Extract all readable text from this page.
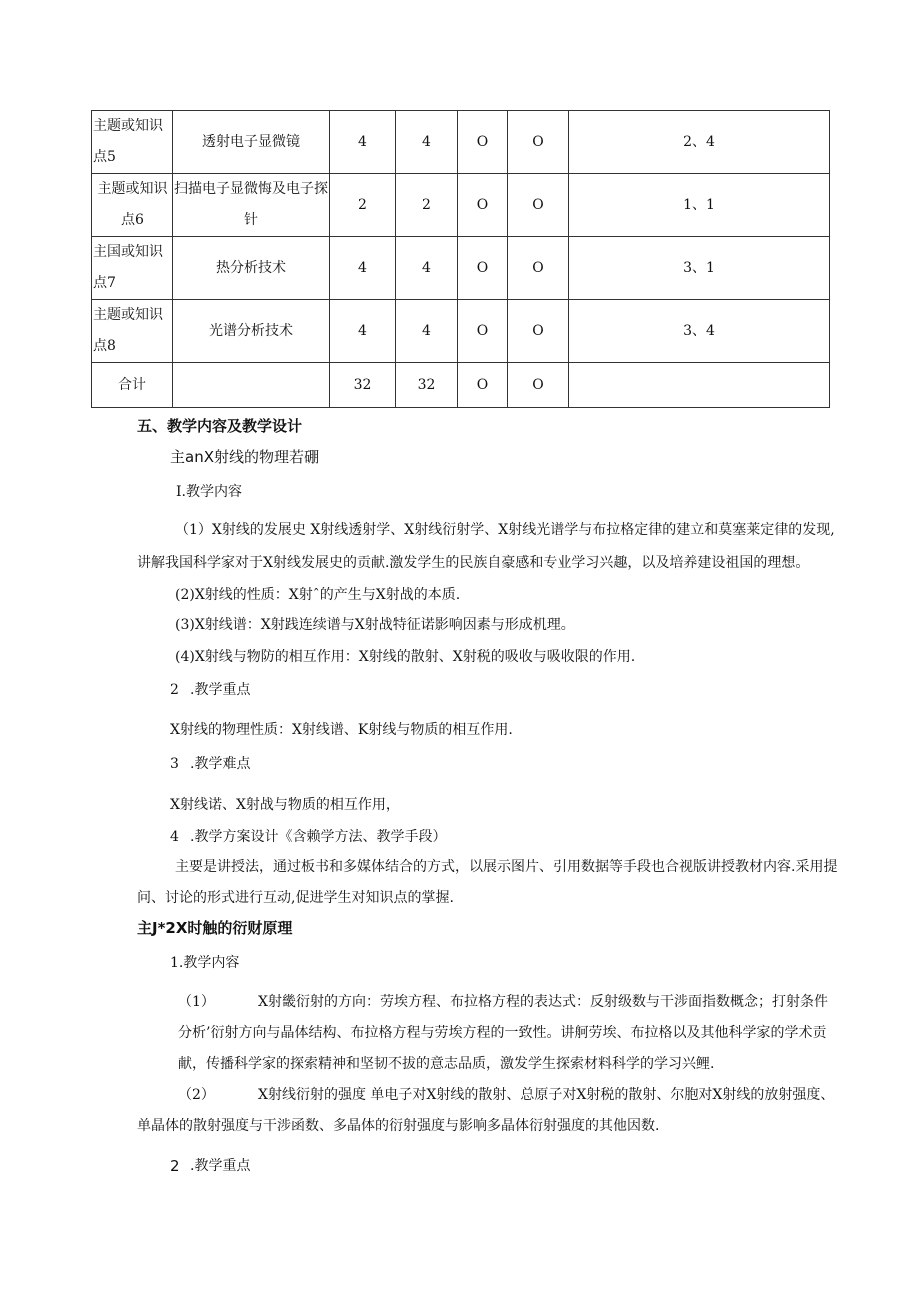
主题或知识点5	透射电子显微镜	4	4	O	O	2、4
主题或知识点6	扫描电子显微悔及电子探针	2	2	O	O	1、1
主国或知识点7	热分析技术	4	4	O	O	3、1
主题或知识点8	光谱分析技术	4	4	O	O	3、4
合计		32	32	O	O	
五、教学内容及教学设计
主anX射线的物理若硼
I.教学内容
（1）X射线的发展史 X射线透射学、X射线衍射学、X射线光谱学与布拉格定律的建立和莫塞莱定律的发现,
讲解我国科学家对于X射线发展史的贡献.激发学生的民族自豪感和专业学习兴趣，以及培养建设祖国的理想。
(2)X射线的性质：X射ˆ的产生与X射战的本质.
(3)X射线谱：X射践连续谱与X射战特征诺影响因素与形成机理。
(4)X射线与物防的相互作用：X射线的散射、X射税的吸收与吸收限的作用.
2 .教学重点
X射线的物理性质：X射线谱、K射线与物质的相互作用.
3 .教学难点
X射线诺、X射战与物质的相互作用，
4 .教学方案设计《含赖学方法、教学手段）
主要是讲授法，通过板书和多媒体结合的方式，以展示图片、引用数据等手段也合视版讲授教材内容.采用提
问、讨论的形式进行互动,促进学生对知识点的掌握.
主J*2X时触的衍财原理
1.教学内容
（1）	X射畿衍射的方向：劳埃方程、布拉格方程的表达式：反射级数与干涉面指数概念；打射条件
分析’衍射方向与晶体结构、布拉格方程与劳埃方程的一致性。讲舸劳埃、布拉格以及其他科学家的学术贡
献，传播科学家的探索精神和坚韧不拔的意志品质，激发学生探索材料科学的学习兴鲤.
（2）	X射线衍射的强度 单电子对X射线的散射、总原子对X射税的散射、尔胞对X射线的放射强度、
单晶体的散射强度与干涉函数、多晶体的衍射强度与影响多晶体衍射强度的其他因数.
2 .教学重点
